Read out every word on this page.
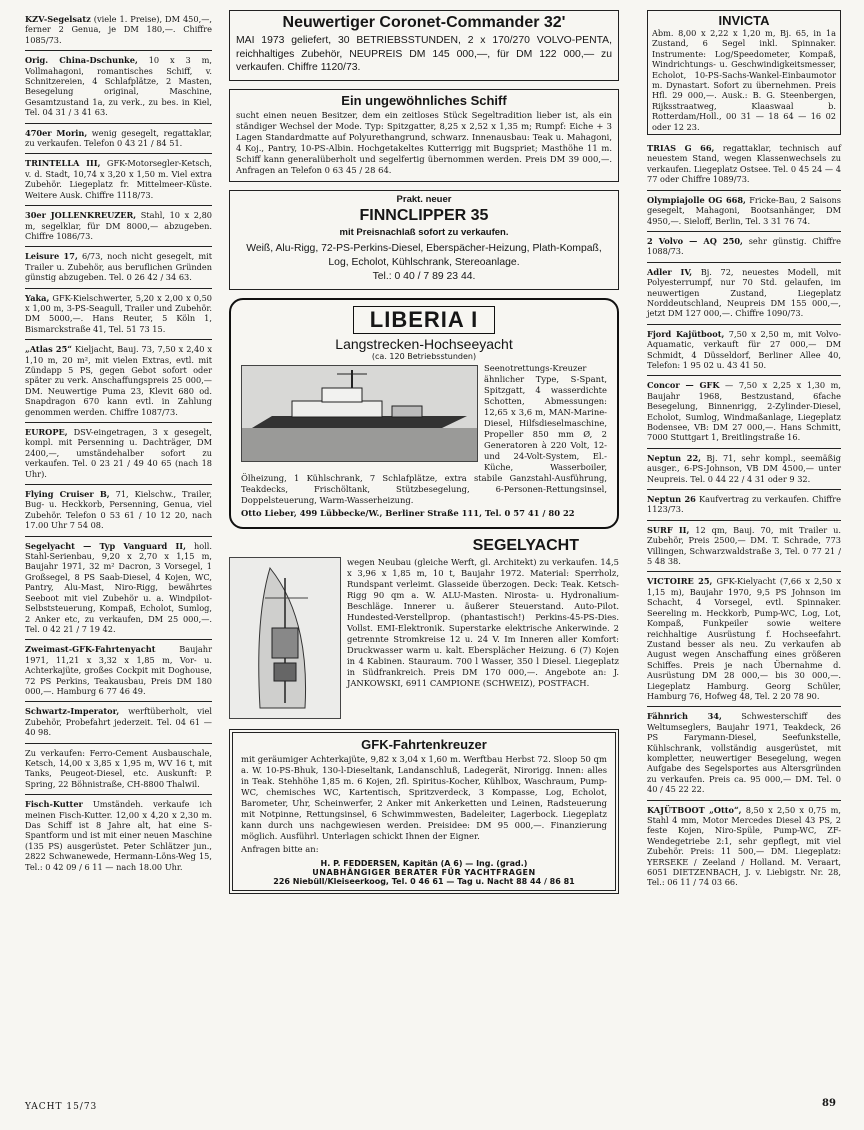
KZV-Segelsatz (viele 1. Preise), DM 450,—, ferner 2 Genua, je DM 180,—. Chiffre 1085/73.
Orig. China-Dschunke, 10 x 3 m, Vollmahagoni, romantisches Schiff, v. Schnitzereien, 4 Schlafplätze, 2 Masten, Besegelung original, Maschine, Gesamtzustand 1a, zu verk., zu bes. in Kiel, Tel. 04 31 / 3 41 63.
470er Morin, wenig gesegelt, regattaklar, zu verkaufen. Telefon 0 43 21 / 84 51.
TRINTELLA III, GFK-Motorsegler-Ketsch, v. d. Stadt, 10,74 x 3,20 x 1,50 m. Viel extra Zubehör. Liegeplatz fr. Mittelmeer-Küste. Weitere Ausk. Chiffre 1118/73.
30er JOLLENKREUZER, Stahl, 10 x 2,80 m, segelklar, für DM 8000,— abzugeben. Chiffre 1086/73.
Leisure 17, 6/73, noch nicht gesegelt, mit Trailer u. Zubehör, aus beruflichen Gründen günstig abzugeben. Tel. 0 26 42 / 34 63.
Yaka, GFK-Kielschwerter, 5,20 x 2,00 x 0,50 x 1,00 m, 3-PS-Seagull, Trailer und Zubehör. DM 5000,—. Hans Reuter, 5 Köln 1, Bismarckstraße 41, Tel. 51 73 15.
„Atlas 25“ Kieljacht, Bauj. 73, 7,50 x 2,40 x 1,10 m, 20 m², mit vielen Extras, evtl. mit Zündapp 5 PS, gegen Gebot sofort oder später zu verk. Anschaffungspreis 25 000,— DM. Neuwertige Puma 23, Klevit 680 od. Snapdragon 670 kann evtl. in Zahlung genommen werden. Chiffre 1087/73.
EUROPE, DSV-eingetragen, 3 x gesegelt, kompl. mit Persenning u. Dachträger, DM 2400,—, umständehalber sofort zu verkaufen. Tel. 0 23 21 / 49 40 65 (nach 18 Uhr).
Flying Cruiser B, 71, Kielschw., Trailer, Bug- u. Heckkorb, Persenning, Genua, viel Zubehör. Telefon 0 53 61 / 10 12 20, nach 17.00 Uhr 7 54 08.
Segelyacht — Typ Vanguard II, holl. Stahl-Serienbau, 9,20 x 2,70 x 1,15 m, Baujahr 1971, 32 m² Dacron, 3 Vorsegel, 1 Großsegel, 8 PS Saab-Diesel, 4 Kojen, WC, Pantry, Alu-Mast, Niro-Rigg, bewährtes Seeboot mit viel Zubehör u. a. Windpilot-Selbststeuerung, Kompaß, Echolot, Sumlog, 2 Anker etc, zu verkaufen, DM 25 000,—. Tel. 0 42 21 / 7 19 42.
Zweimast-GFK-Fahrtenyacht	Baujahr 1971, 11,21 x 3,32 x 1,85 m, Vor- u. Achterkajüte, großes Cockpit mit Doghouse, 72 PS Perkins, Teakausbau, Preis DM 180 000,—. Hamburg 6 77 46 49.
Schwartz-Imperator, werftüberholt, viel Zubehör, Probefahrt jederzeit. Tel. 04 61 — 40 98.
Zu verkaufen: Ferro-Cement Ausbauschale, Ketsch, 14,00 x 3,85 x 1,95 m, WV 16 t, mit Tanks, Peugeot-Diesel, etc. Auskunft: P. Spring, 22 Böhnistraße, CH-8800 Thalwil.
Fisch-Kutter Umständeh. verkaufe ich meinen Fisch-Kutter. 12,00 x 4,20 x 2,30 m. Das Schiff ist 8 Jahre alt, hat eine S-Spantform und ist mit einer neuen Maschine (135 PS) ausgerüstet. Peter Schlätzer jun., 2822 Schwanewede, Hermann-Löns-Weg 15, Tel.: 0 42 09 / 6 11 — nach 18.00 Uhr.
Neuwertiger Coronet-Commander 32'

MAI 1973 geliefert, 30 BETRIEBSSTUNDEN, 2 x 170/270 VOLVO-PENTA, reichhaltiges Zubehör, NEUPREIS DM 145 000,—, für DM 122 000,— zu verkaufen. Chiffre 1120/73.

Ein ungewöhnliches Schiff

sucht einen neuen Besitzer, dem ein zeitloses Stück Segeltradition lieber ist, als ein ständiger Wechsel der Mode. Typ: Spitzgatter, 8,25 x 2,52 x 1,35 m; Rumpf: Eiche + 3 Lagen Standardmatte auf Polyurethangrund, schwarz. Innenausbau: Teak u. Mahagoni, 4 Koj., Pantry, 10-PS-Albin. Hochgetakeltes Kutterrigg mit Bugspriet; Masthöhe 11 m. Schiff kann generalüberholt und segelfertig übernommen werden. Preis DM 39 000,—. Anfragen an Telefon 0 63 45 / 28 64.

Prakt. neuer
FINNCLIPPER 35
mit Preisnachlaß sofort zu verkaufen.
Weiß, Alu-Rigg, 72-PS-Perkins-Diesel, Eberspächer-Heizung, Plath-Kompaß, Log, Echolot, Kühlschrank, Stereoanlage.
Tel.: 0 40 / 7 89 23 44.
LIBERIA I
Langstrecken-Hochseeyacht
(ca. 120 Betriebsstunden)

Seenotrettungs-Kreuzer ähnlicher Type, S-Spant, Spitzgatt, 4 wasserdichte Schotten, Abmessungen: 12,65 x 3,6 m, MAN-Marine-Diesel, Hilfsdieselmaschine, Propeller 850 mm Ø, 2 Generatoren à 220 Volt, 12- und 24-Volt-System, El.-Küche, Wasserboiler, Ölheizung, 1 Kühlschrank, 7 Schlafplätze, extra stabile Ganzstahl-Ausführung, Teakdecks, Frischöltank, Stützbesegelung, 6-Personen-Rettungsinsel, Doppelsteuerung, Warm-Wasserheizung.

Otto Lieber, 499 Lübbecke/W., Berliner Straße 111, Tel. 0 57 41 / 80 22

SEGELYACHT

wegen Neubau (gleiche Werft, gl. Architekt) zu verkaufen. 14,5 x 3,96 x 1,85 m, 10 t, Baujahr 1972. Material: Sperrholz, Rundspant verleimt. Glasseide überzogen. Deck: Teak. Ketsch-Rigg 90 qm a. W. ALU-Masten. Nirosta- u. Hydronalium-Beschläge. Innerer u. äußerer Steuerstand. Auto-Pilot. Hundested-Verstellprop. (phantastisch!) Perkins-45-PS-Dies. Vollst. EMI-Elektronik. Superstarke elektrische Ankerwinde. 2 getrennte Stromkreise 12 u. 24 V. Im Inneren aller Komfort: Druckwasser warm u. kalt. Ebersplächer Heizung. 6 (7) Kojen in 4 Kabinen. Stauraum. 700 l Wasser, 350 l Diesel. Liegeplatz in Südfrankreich. Preis DM 170 000,—. Angebote an: J. JANKOWSKI, 6911 CAMPIONE (SCHWEIZ), POSTFACH.

GFK-Fahrtenkreuzer

mit geräumiger Achterkajüte, 9,82 x 3,04 x 1,60 m. Werftbau Herbst 72. Sloop 50 qm a. W. 10-PS-Bhuk, 130-l-Dieseltank, Landanschluß, Ladegerät, Nirorigg. Innen: alles in Teak. Stehhöhe 1,85 m. 6 Kojen, 2fl. Spiritus-Kocher, Kühlbox, Waschraum, Pump-WC, chemisches WC, Kartentisch, Spritzverdeck, 3 Kompasse, Log, Echolot, Barometer, Uhr, Scheinwerfer, 2 Anker mit Ankerketten und Leinen, Radsteuerung mit Notpinne, Rettungsinsel, 6 Schwimmwesten, Badeleiter, Lagerbock. Liegeplatz kann durch uns nachgewiesen werden. Preisidee: DM 95 000,—. Finanzierung möglich. Ausführl. Unterlagen schickt Ihnen der Eigner.

Anfragen bitte an:

H. P. FEDDERSEN, Kapitän (A 6) — Ing. (grad.)
UNABHÄNGIGER BERATER FÜR YACHTFRAGEN
226 Niebüll/Kleiseerkoog, Tel. 0 46 61 — Tag u. Nacht 88 44 / 86 81
INVICTA

Abm. 8,00 x 2,22 x 1,20 m, Bj. 65, in 1a Zustand, 6 Segel inkl. Spinnaker. Instrumente: Log/Speedometer, Kompaß, Windrichtungs- u. Geschwindigkeitsmesser, Echolot, 10-PS-Sachs-Wankel-Einbaumotor m. Dynastart. Sofort zu übernehmen. Preis Hfl. 29 000,—. Ausk.: B. G. Steenbergen, Rijksstraatweg, Klaaswaal b. Rotterdam/Holl., 00 31 — 18 64 — 16 02 oder 12 23.

TRIAS G 66, regattaklar, technisch auf neuestem Stand, wegen Klassenwechsels zu verkaufen. Liegeplatz Ostsee. Tel. 0 45 24 — 4 77 oder Chiffre 1089/73.
Olympiajolle OG 668, Fricke-Bau, 2 Saisons gesegelt, Mahagoni, Bootsanhänger, DM 4950,—. Sieloff, Berlin, Tel. 3 31 76 74.
2 Volvo — AQ 250, sehr günstig. Chiffre 1088/73.
Adler IV, Bj. 72, neuestes Modell, mit Polyesterrumpf, nur 70 Std. gelaufen, im neuwertigen Zustand, Liegeplatz Norddeutschland, Neupreis DM 155 000,—, jetzt DM 127 000,—. Chiffre 1090/73.
Fjord Kajütboot, 7,50 x 2,50 m, mit Volvo-Aquamatic, verkauft für 27 000,— DM Schmidt, 4 Düsseldorf, Berliner Allee 40, Telefon: 1 95 02 u. 43 41 50.
Concor — GFK — 7,50 x 2,25 x 1,30 m, Baujahr 1968, Bestzustand, 6fache Besegelung, Binnenrigg, 2-Zylinder-Diesel, Echolot, Sumlog, Windmaßanlage, Liegeplatz Bodensee, VB: DM 27 000,—. Hans Schmitt, 7000 Stuttgart 1, Breitlingstraße 16.
Neptun 22, Bj. 71, sehr kompl., seemäßig ausger., 6-PS-Johnson, VB DM 4500,— unter Neupreis. Tel. 0 44 22 / 4 31 oder 9 32.
Neptun 26 Kaufvertrag zu verkaufen. Chiffre 1123/73.
SURF II, 12 qm, Bauj. 70, mit Trailer u. Zubehör, Preis 2500,— DM. T. Schrade, 773 Villingen, Schwarzwaldstraße 3, Tel. 0 77 21 / 5 48 38.
VICTOIRE 25, GFK-Kielyacht (7,66 x 2,50 x 1,15 m), Baujahr 1970, 9,5 PS Johnson im Schacht, 4 Vorsegel, evtl. Spinnaker. Seereling m. Heckkorb, Pump-WC, Log, Lot, Kompaß, Funkpeiler sowie weitere reichhaltige Ausrüstung f. Hochseefahrt. Zustand besser als neu. Zu verkaufen ab August wegen Anschaffung eines größeren Schiffes. Preis je nach Übernahme d. Ausrüstung DM 28 000,— bis 30 000,—. Liegeplatz Hamburg. Georg Schüler, Hamburg 76, Hofweg 48, Tel. 2 20 78 90.
Fähnrich 34, Schwesterschiff des Weltumseglers, Baujahr 1971, Teakdeck, 26 PS Farymann-Diesel, Seefunkstelle, Kühlschrank, vollständig ausgerüstet, mit kompletter, neuwertiger Besegelung, wegen Aufgabe des Segelsportes aus Altersgründen zu verkaufen. Preis ca. 95 000,— DM. Tel. 0 40 / 45 22 22.
KAJÜTBOOT „Otto“, 8,50 x 2,50 x 0,75 m, Stahl 4 mm, Motor Mercedes Diesel 43 PS, 2 feste Kojen, Niro-Spüle, Pump-WC, ZF-Wendegetriebe 2:1, sehr gepflegt, mit viel Zubehör. Preis: 11 500,— DM. Liegeplatz: YERSEKE / Zeeland / Holland. M. Veraart, 6051 DIETZENBACH, J. v. Liebigstr. Nr. 28, Tel.: 06 11 / 74 03 66.
YACHT 15/73	89
